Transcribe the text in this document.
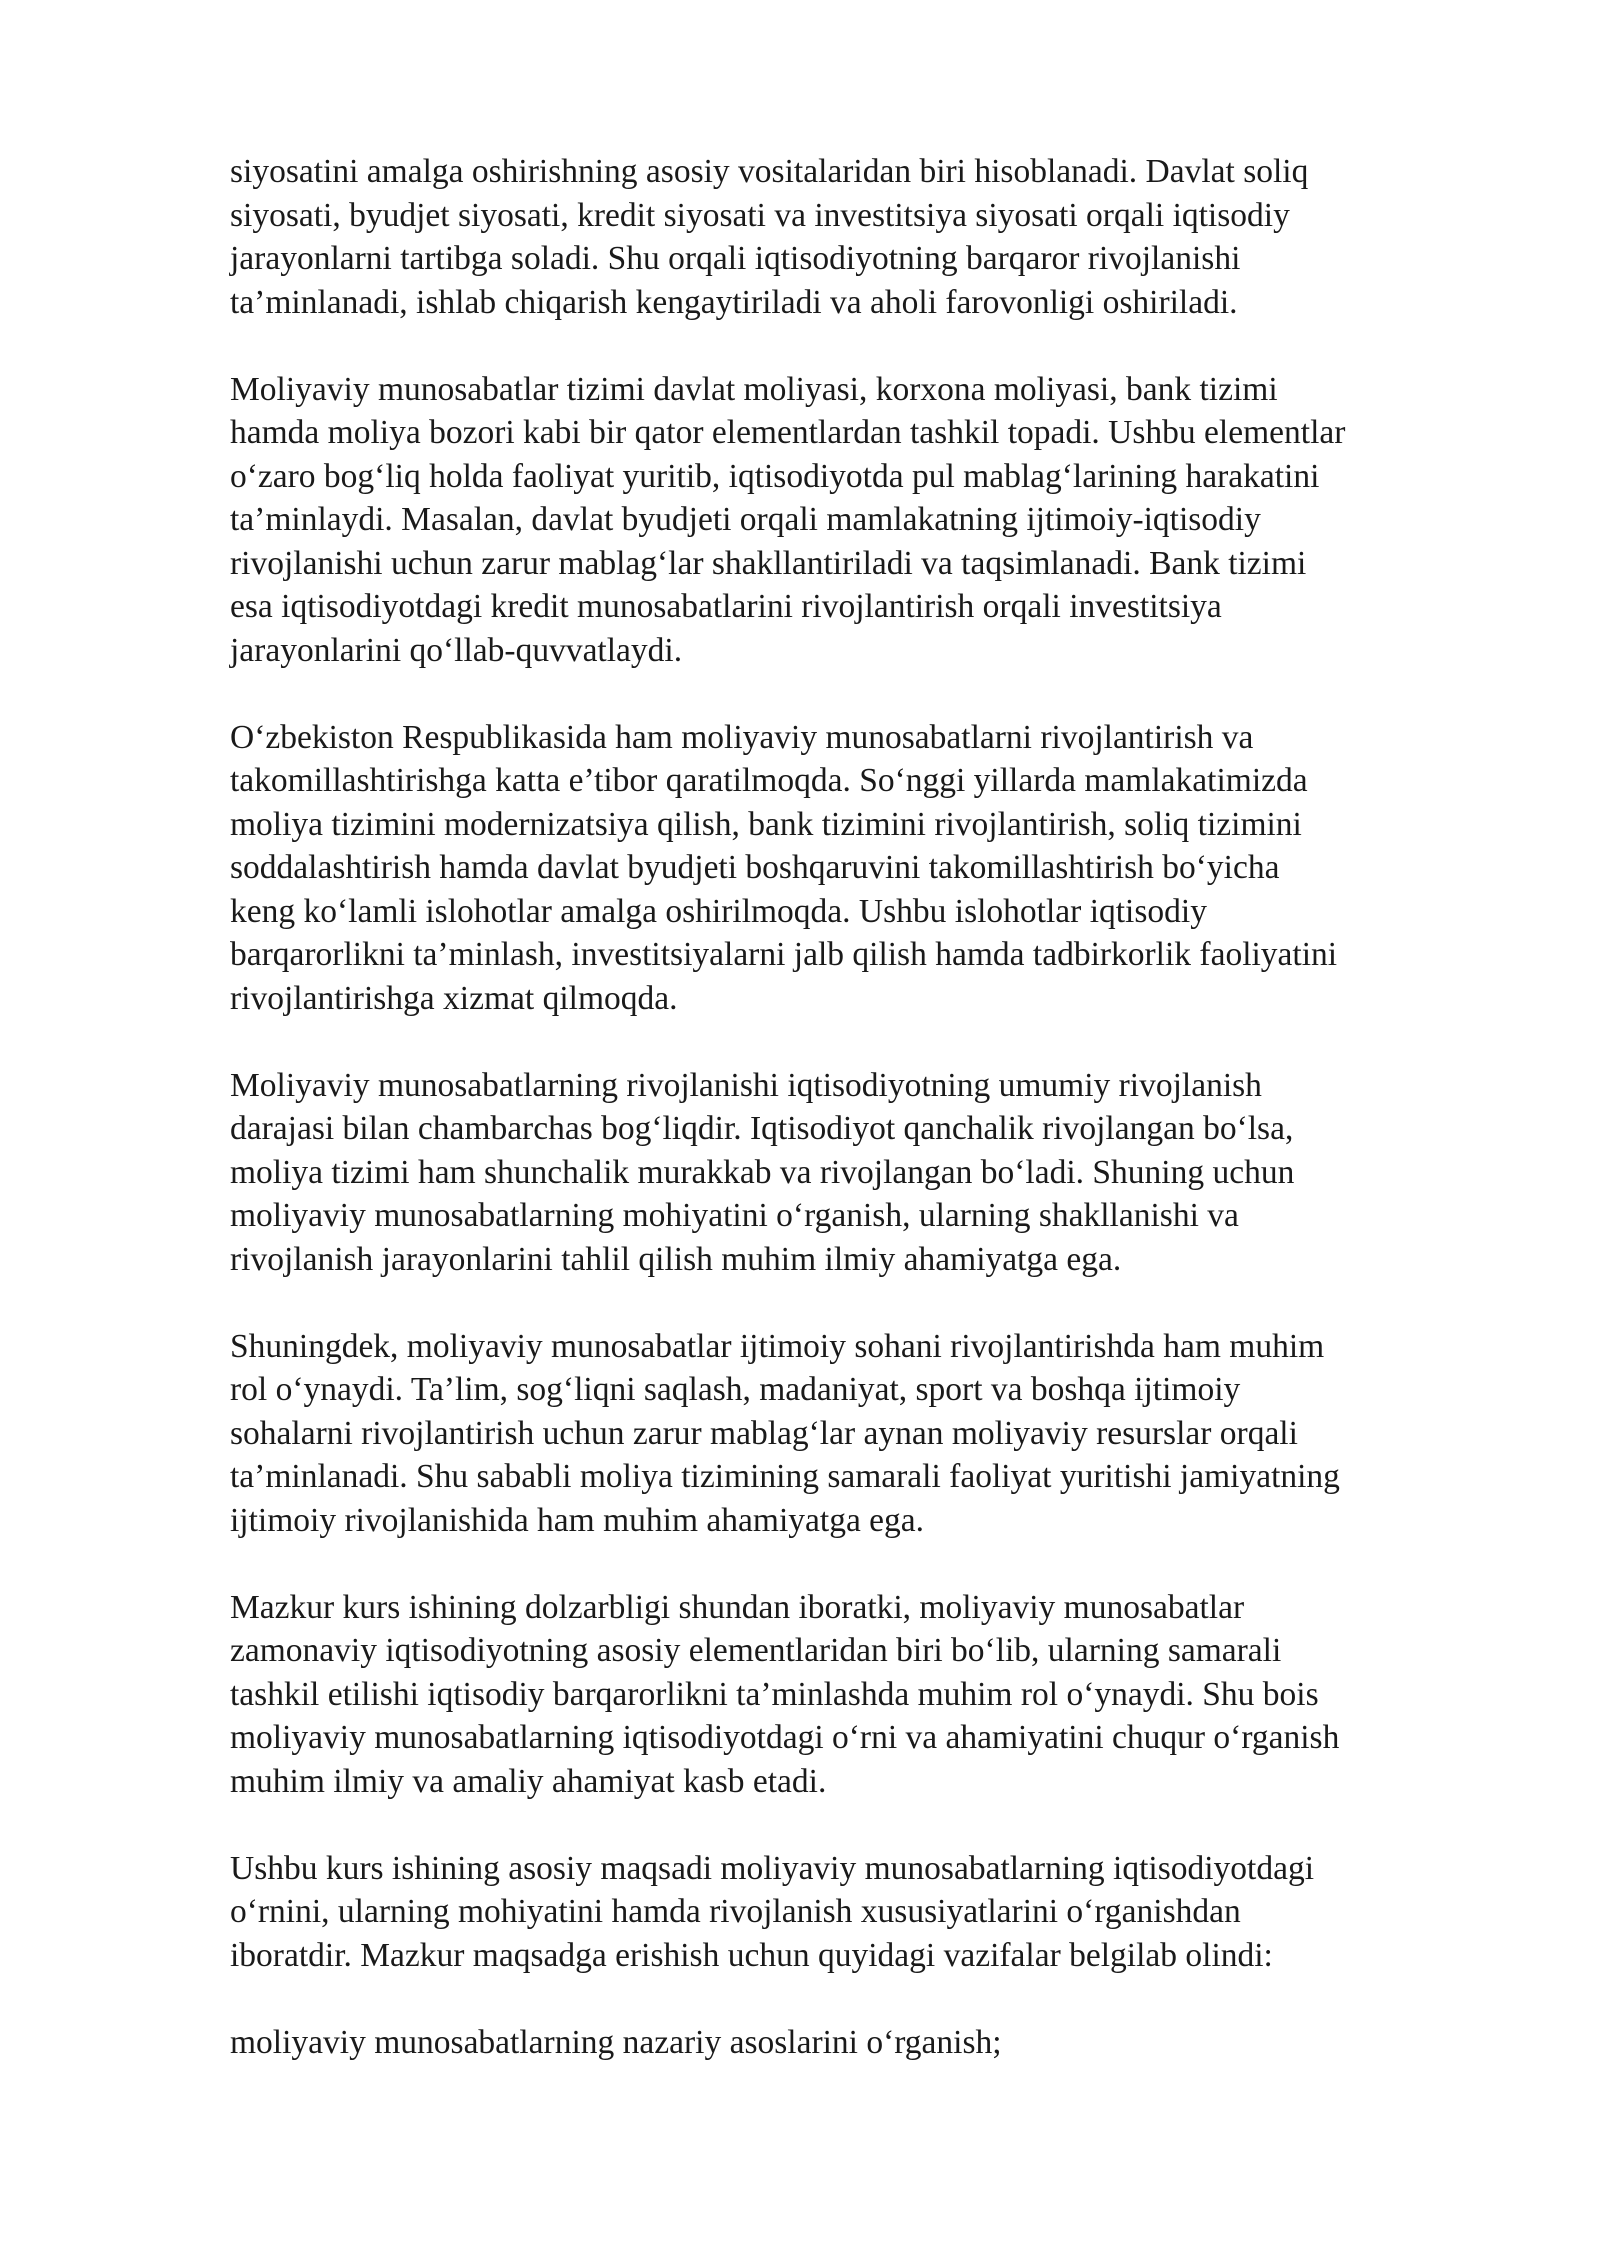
siyosatini amalga oshirishning asosiy vositalaridan biri hisoblanadi. Davlat soliq
siyosati, byudjet siyosati, kredit siyosati va investitsiya siyosati orqali iqtisodiy
jarayonlarni tartibga soladi. Shu orqali iqtisodiyotning barqaror rivojlanishi
ta’minlanadi, ishlab chiqarish kengaytiriladi va aholi farovonligi oshiriladi.
Moliyaviy munosabatlar tizimi davlat moliyasi, korxona moliyasi, bank tizimi
hamda moliya bozori kabi bir qator elementlardan tashkil topadi. Ushbu elementlar
o‘zaro bog‘liq holda faoliyat yuritib, iqtisodiyotda pul mablag‘larining harakatini
ta’minlaydi. Masalan, davlat byudjeti orqali mamlakatning ijtimoiy-iqtisodiy
rivojlanishi uchun zarur mablag‘lar shakllantiriladi va taqsimlanadi. Bank tizimi
esa iqtisodiyotdagi kredit munosabatlarini rivojlantirish orqali investitsiya
jarayonlarini qo‘llab-quvvatlaydi.
O‘zbekiston Respublikasida ham moliyaviy munosabatlarni rivojlantirish va
takomillashtirishga katta e’tibor qaratilmoqda. So‘nggi yillarda mamlakatimizda
moliya tizimini modernizatsiya qilish, bank tizimini rivojlantirish, soliq tizimini
soddalashtirish hamda davlat byudjeti boshqaruvini takomillashtirish bo‘yicha
keng ko‘lamli islohotlar amalga oshirilmoqda. Ushbu islohotlar iqtisodiy
barqarorlikni ta’minlash, investitsiyalarni jalb qilish hamda tadbirkorlik faoliyatini
rivojlantirishga xizmat qilmoqda.
Moliyaviy munosabatlarning rivojlanishi iqtisodiyotning umumiy rivojlanish
darajasi bilan chambarchas bog‘liqdir. Iqtisodiyot qanchalik rivojlangan bo‘lsa,
moliya tizimi ham shunchalik murakkab va rivojlangan bo‘ladi. Shuning uchun
moliyaviy munosabatlarning mohiyatini o‘rganish, ularning shakllanishi va
rivojlanish jarayonlarini tahlil qilish muhim ilmiy ahamiyatga ega.
Shuningdek, moliyaviy munosabatlar ijtimoiy sohani rivojlantirishda ham muhim
rol o‘ynaydi. Ta’lim, sog‘liqni saqlash, madaniyat, sport va boshqa ijtimoiy
sohalarni rivojlantirish uchun zarur mablag‘lar aynan moliyaviy resurslar orqali
ta’minlanadi. Shu sababli moliya tizimining samarali faoliyat yuritishi jamiyatning
ijtimoiy rivojlanishida ham muhim ahamiyatga ega.
Mazkur kurs ishining dolzarbligi shundan iboratki, moliyaviy munosabatlar
zamonaviy iqtisodiyotning asosiy elementlaridan biri bo‘lib, ularning samarali
tashkil etilishi iqtisodiy barqarorlikni ta’minlashda muhim rol o‘ynaydi. Shu bois
moliyaviy munosabatlarning iqtisodiyotdagi o‘rni va ahamiyatini chuqur o‘rganish
muhim ilmiy va amaliy ahamiyat kasb etadi.
Ushbu kurs ishining asosiy maqsadi moliyaviy munosabatlarning iqtisodiyotdagi
o‘rnini, ularning mohiyatini hamda rivojlanish xususiyatlarini o‘rganishdan
iboratdir. Mazkur maqsadga erishish uchun quyidagi vazifalar belgilab olindi:
moliyaviy munosabatlarning nazariy asoslarini o‘rganish;
